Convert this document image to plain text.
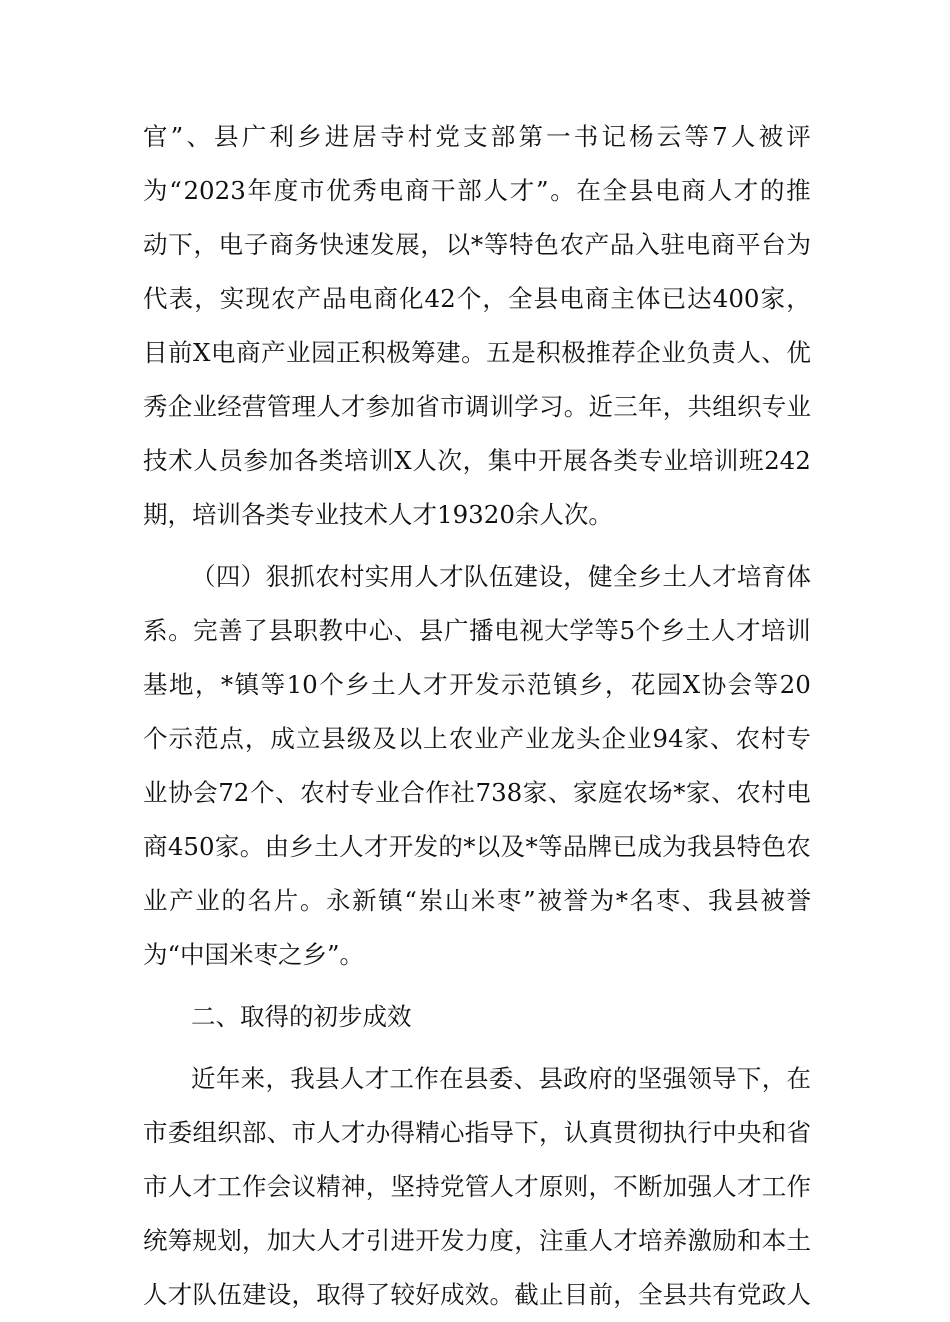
官 ” 、 县 广 利 乡 进 居 寺 村 党 支 部 第 一 书 记 杨 云 等 7 人 被 评
为 “ 2023 年 度 市 优 秀 电 商 干 部 人 才 ” 。 在 全 县 电 商 人 才 的 推
动 下 ， 电 子 商 务 快 速 发 展 ， 以 * 等 特 色 农 产 品 入 驻 电 商 平 台 为
代 表 ， 实 现 农 产 品 电 商 化 42 个 ， 全 县 电 商 主 体 已 达 400 家 ，
目 前 X 电 商 产 业 园 正 积 极 筹 建 。 五 是 积 极 推 荐 企 业 负 责 人 、 优
秀 企 业 经 营 管 理 人 才 参 加 省 市 调 训 学 习 。 近 三 年 ， 共 组 织 专 业
技 术 人 员 参 加 各 类 培 训 X 人 次 ， 集 中 开 展 各 类 专 业 培 训 班 242
期，培训各类专业技术人才19320余人次。
（ 四 ） 狠 抓 农 村 实 用 人 才 队 伍 建 设 ， 健 全 乡 土 人 才 培 育 体
系 。 完 善 了 县 职 教 中 心 、 县 广 播 电 视 大 学 等 5 个 乡 土 人 才 培 训
基 地 ， * 镇 等 10 个 乡 土 人 才 开 发 示 范 镇 乡 ， 花 园 X 协 会 等 20
个 示 范 点 ， 成 立 县 级 及 以 上 农 业 产 业 龙 头 企 业 94 家 、 农 村 专
业 协 会 72 个 、 农 村 专 业 合 作 社 738 家 、 家 庭 农 场 * 家 、 农 村 电
商 450 家 。 由 乡 土 人 才 开 发 的 * 以 及 * 等 品 牌 已 成 为 我 县 特 色 农
业 产 业 的 名 片 。 永 新 镇 “ 岽 山 米 枣 ” 被 誉 为 * 名 枣 、 我 县 被 誉
为“中国米枣之乡”。
二、取得的初步成效
近 年 来 ， 我 县 人 才 工 作 在 县 委 、 县 政 府 的 坚 强 领 导 下 ， 在
市 委 组 织 部 、 市 人 才 办 得 精 心 指 导 下 ， 认 真 贯 彻 执 行 中 央 和 省
市 人 才 工 作 会 议 精 神 ， 坚 持 党 管 人 才 原 则 ， 不 断 加 强 人 才 工 作
统 筹 规 划 ， 加 大 人 才 引 进 开 发 力 度 ， 注 重 人 才 培 养 激 励 和 本 土
人 才 队 伍 建 设 ， 取 得 了 较 好 成 效 。 截 止 目 前 ， 全 县 共 有 党 政 人
